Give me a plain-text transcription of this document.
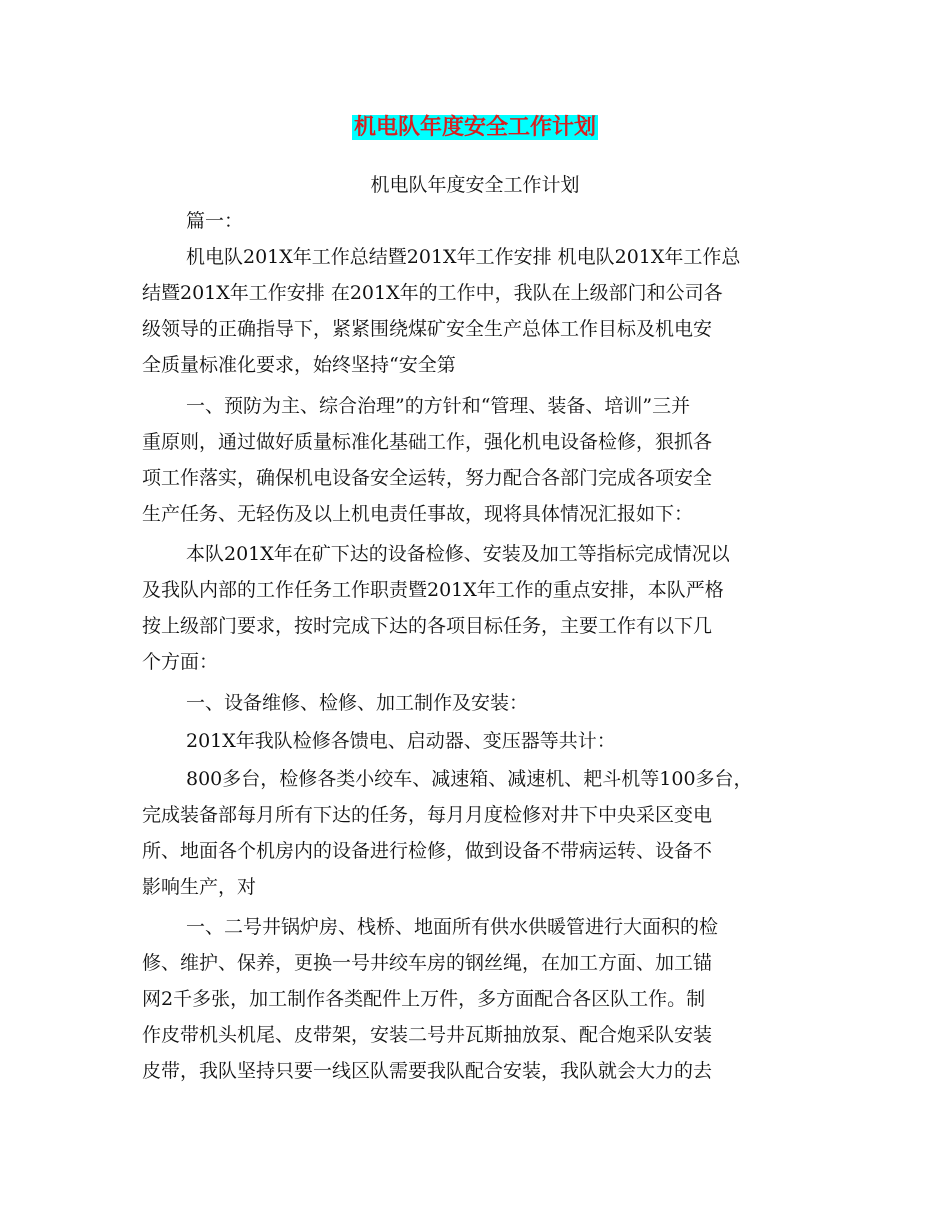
机电队年度安全工作计划
机电队年度安全工作计划
篇一：
机电队201X年工作总结暨201X年工作安排 机电队201X年工作总
结暨201X年工作安排 在201X年的工作中，我队在上级部门和公司各
级领导的正确指导下，紧紧围绕煤矿安全生产总体工作目标及机电安
全质量标准化要求，始终坚持“安全第
一、预防为主、综合治理”的方针和“管理、装备、培训”三并
重原则，通过做好质量标准化基础工作，强化机电设备检修，狠抓各
项工作落实，确保机电设备安全运转，努力配合各部门完成各项安全
生产任务、无轻伤及以上机电责任事故，现将具体情况汇报如下：
本队201X年在矿下达的设备检修、安装及加工等指标完成情况以
及我队内部的工作任务工作职责暨201X年工作的重点安排，本队严格
按上级部门要求，按时完成下达的各项目标任务，主要工作有以下几
个方面：
一、设备维修、检修、加工制作及安装：
201X年我队检修各馈电、启动器、变压器等共计：
800多台，检修各类小绞车、减速箱、减速机、耙斗机等100多台，
完成装备部每月所有下达的任务，每月月度检修对井下中央采区变电
所、地面各个机房内的设备进行检修，做到设备不带病运转、设备不
影响生产，对
一、二号井锅炉房、栈桥、地面所有供水供暖管进行大面积的检
修、维护、保养，更换一号井绞车房的钢丝绳，在加工方面、加工锚
网2千多张，加工制作各类配件上万件，多方面配合各区队工作。制
作皮带机头机尾、皮带架，安装二号井瓦斯抽放泵、配合炮采队安装
皮带，我队坚持只要一线区队需要我队配合安装，我队就会大力的去
